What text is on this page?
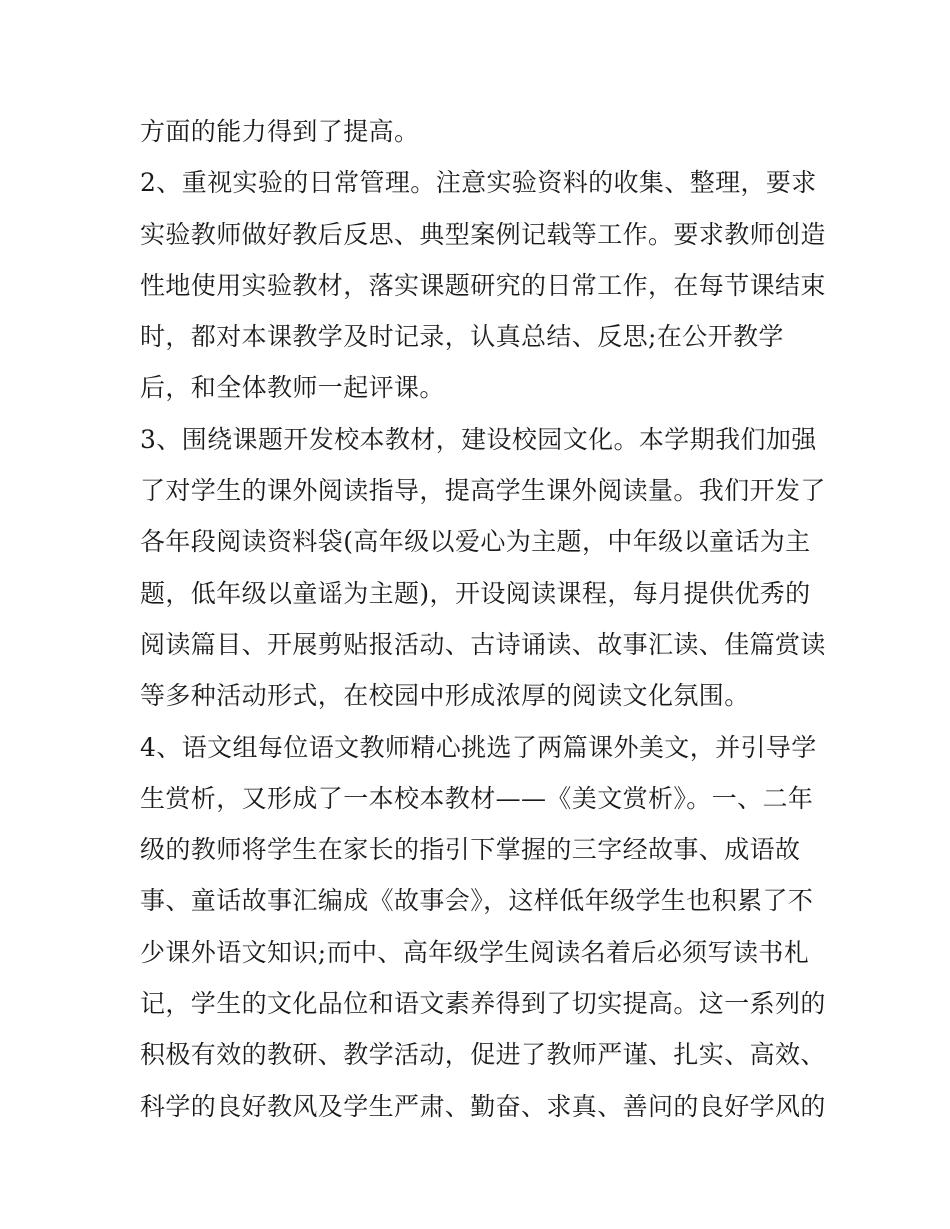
方面的能力得到了提高。
2、重视实验的日常管理。注意实验资料的收集、整理，要求
实验教师做好教后反思、典型案例记载等工作。要求教师创造
性地使用实验教材，落实课题研究的日常工作，在每节课结束
时，都对本课教学及时记录，认真总结、反思;在公开教学
后，和全体教师一起评课。
3、围绕课题开发校本教材，建设校园文化。本学期我们加强
了对学生的课外阅读指导，提高学生课外阅读量。我们开发了
各年段阅读资料袋(高年级以爱心为主题，中年级以童话为主
题，低年级以童谣为主题)，开设阅读课程，每月提供优秀的
阅读篇目、开展剪贴报活动、古诗诵读、故事汇读、佳篇赏读
等多种活动形式，在校园中形成浓厚的阅读文化氛围。
4、语文组每位语文教师精心挑选了两篇课外美文，并引导学
生赏析，又形成了一本校本教材——《美文赏析》。一、二年
级的教师将学生在家长的指引下掌握的三字经故事、成语故
事、童话故事汇编成《故事会》，这样低年级学生也积累了不
少课外语文知识;而中、高年级学生阅读名着后必须写读书札
记，学生的文化品位和语文素养得到了切实提高。这一系列的
积极有效的教研、教学活动，促进了教师严谨、扎实、高效、
科学的良好教风及学生严肃、勤奋、求真、善问的良好学风的
